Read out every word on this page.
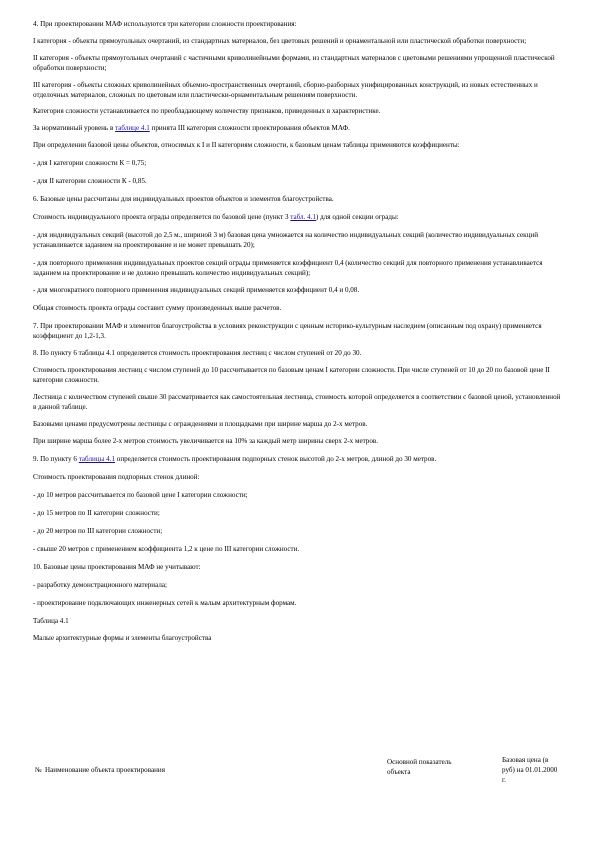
4. При проектировании МАФ используются три категории сложности проектирования:

I категория - объекты прямоугольных очертаний, из стандартных материалов, без цветовых решений и орнаментальной или пластической обработки поверхности;

II категория - объекты прямоугольных очертаний с частичными криволинейными формами, из стандартных материалов с цветовыми решениями упрощенной пластической обработки поверхности;

III категория - объекты сложных криволинейных объемно-пространственных очертаний, сборно-разборных унифицированных конструкций, из новых естественных и отделочных материалов, сложных по цветовым или пластически-орнаментальным решениям поверхности.

Категория сложности устанавливается по преобладающему количеству признаков, приведенных в характеристике.

За нормативный уровень в таблице 4.1 принята III категория сложности проектирования объектов МАФ.

При определении базовой цены объектов, относимых к I и II категориям сложности, к базовым ценам таблицы применяются коэффициенты:

- для I категории сложности К = 0,75;

- для II категории сложности К - 0,85.

6. Базовые цены рассчитаны для индивидуальных проектов объектов и элементов благоустройства.

Стоимость индивидуального проекта ограды определяется по базовой цене (пункт 3 табл. 4.1) для одной секции ограды:

- для индивидуальных секций (высотой до 2,5 м., шириной 3 м) базовая цена умножается на количество индивидуальных секций (количество индивидуальных секций устанавливается заданием на проектирование и не может превышать 20);

- для повторного применения индивидуальных проектов секций ограды применяется коэффициент 0,4 (количество секций для повторного применения устанавливается заданием на проектирование и не должно превышать количество индивидуальных секций);

- для многократного повторного применения индивидуальных секций применяется коэффициент 0,4 и 0,08.

Общая стоимость проекта ограды составит сумму произведенных выше расчетов.

7. При проектировании МАФ и элементов благоустройства в условиях реконструкции с ценным историко-культурным наследием (описанным под охрану) применяется коэффициент до 1,2-1,3.

8. По пункту 6 таблицы 4.1 определяется стоимость проектирования лестниц с числом ступеней от 20 до 30.

Стоимость проектирования лестниц с числом ступеней до 10 рассчитывается по базовым ценам I категории сложности. При числе ступеней от 10 до 20 по базовой цене II категории сложности.

Лестница с количеством ступеней свыше 30 рассматривается как самостоятельная лестница, стоимость которой определяется в соответствии с базовой ценой, установленной в данной таблице.

Базовыми ценами предусмотрены лестницы с ограждениями и площадками при ширине марша до 2-х метров.

При ширине марша более 2-х метров стоимость увеличивается на 10% за каждый метр ширины сверх 2-х метров.

9. По пункту 6 таблицы 4.1 определяется стоимость проектирования подпорных стенок высотой до 2-х метров, длиной до 30 метров.

Стоимость проектирования подпорных стенок длиной:

- до 10 метров рассчитывается по базовой цене I категории сложности;

- до 15 метров по II категории сложности;

- до 20 метров по III категории сложности;

- свыше 20 метров с применением коэффициента 1,2 к цене по III категории сложности.

10. Базовые цены проектирования МАФ не учитывают:

- разработку демонстрационного материала;

- проектирование подключающих инженерных сетей к малым архитектурным формам.

Таблица 4.1

Малые архитектурные формы и элементы благоустройства

№ Наименование объекта проектирования
Основной показатель объекта
Базовая цена (в руб) на 01.01.2000 г.
